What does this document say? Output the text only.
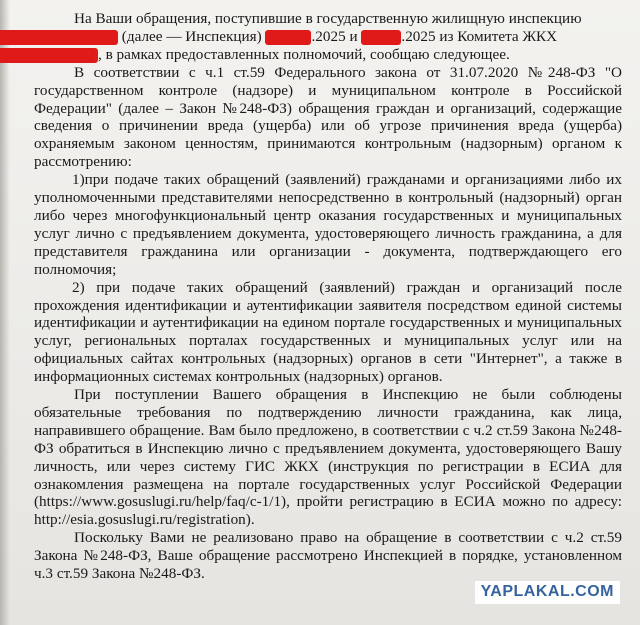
На Ваши обращения, поступившие в государственную жилищную инспекцию
(далее — Инспекция)	.2025 и	.2025 из Комитета ЖКХ
, в рамках предоставленных полномочий, сообщаю следующее.

В соответствии с ч.1 ст.59 Федерального закона от 31.07.2020 №248-ФЗ "О государственном контроле (надзоре) и муниципальном контроле в Российской Федерации" (далее – Закон №248-ФЗ) обращения граждан и организаций, содержащие сведения о причинении вреда (ущерба) или об угрозе причинения вреда (ущерба) охраняемым законом ценностям, принимаются контрольным (надзорным) органом к рассмотрению:

1)при подаче таких обращений (заявлений) гражданами и организациями либо их уполномоченными представителями непосредственно в контрольный (надзорный) орган либо через многофункциональный центр оказания государственных и муниципальных услуг лично с предъявлением документа, удостоверяющего личность гражданина, а для представителя гражданина или организации - документа, подтверждающего его полномочия;

2) при подаче таких обращений (заявлений) граждан и организаций после прохождения идентификации и аутентификации заявителя посредством единой системы идентификации и аутентификации на едином портале государственных и муниципальных услуг, региональных порталах государственных и муниципальных услуг или на официальных сайтах контрольных (надзорных) органов в сети "Интернет", а также в информационных системах контрольных (надзорных) органов.

При поступлении Вашего обращения в Инспекцию не были соблюдены обязательные требования по подтверждению личности гражданина, как лица, направившего обращение. Вам было предложено, в соответствии с ч.2 ст.59 Закона №248-ФЗ обратиться в Инспекцию лично с предъявлением документа, удостоверяющего Вашу личность, или через систему ГИС ЖКХ (инструкция по регистрации в ЕСИА для ознакомления размещена на портале государственных услуг Российской Федерации (https://www.gosuslugi.ru/help/faq/c-1/1), пройти регистрацию в ЕСИА можно по адресу: http://esia.gosuslugi.ru/registration).

Поскольку Вами не реализовано право на обращение в соответствии с ч.2 ст.59 Закона №248-ФЗ, Ваше обращение рассмотрено Инспекцией в порядке, установленном ч.3 ст.59 Закона №248-ФЗ.

YAPLAKAL.COM
